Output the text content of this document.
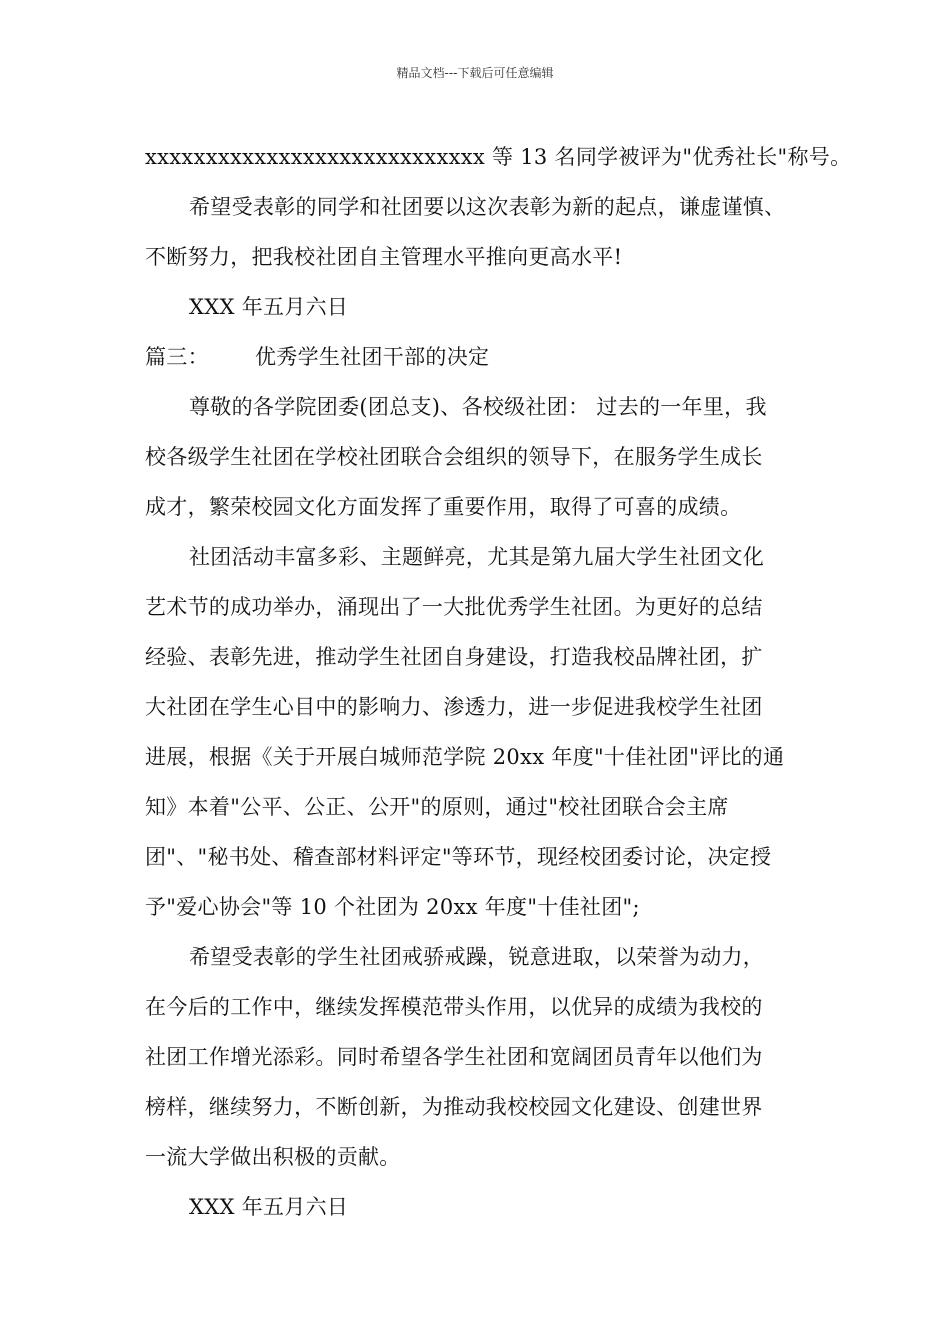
精品文档---下载后可任意编辑
xxxxxxxxxxxxxxxxxxxxxxxxxxxx 等 13 名同学被评为"优秀社长"称号。
希望受表彰的同学和社团要以这次表彰为新的起点，谦虚谨慎、
不断努力，把我校社团自主管理水平推向更高水平!
XXX 年五月六日
篇三： 优秀学生社团干部的决定
尊敬的各学院团委(团总支)、各校级社团： 过去的一年里，我
校各级学生社团在学校社团联合会组织的领导下，在服务学生成长
成才，繁荣校园文化方面发挥了重要作用，取得了可喜的成绩。
社团活动丰富多彩、主题鲜亮，尤其是第九届大学生社团文化
艺术节的成功举办，涌现出了一大批优秀学生社团。为更好的总结
经验、表彰先进，推动学生社团自身建设，打造我校品牌社团，扩
大社团在学生心目中的影响力、渗透力，进一步促进我校学生社团
进展，根据《关于开展白城师范学院 20xx 年度"十佳社团"评比的通
知》本着"公平、公正、公开"的原则，通过"校社团联合会主席
团"、"秘书处、稽查部材料评定"等环节，现经校团委讨论，决定授
予"爱心协会"等 10 个社团为 20xx 年度"十佳社团";
希望受表彰的学生社团戒骄戒躁，锐意进取，以荣誉为动力，
在今后的工作中，继续发挥模范带头作用，以优异的成绩为我校的
社团工作增光添彩。同时希望各学生社团和宽阔团员青年以他们为
榜样，继续努力，不断创新，为推动我校校园文化建设、创建世界
一流大学做出积极的贡献。
XXX 年五月六日
